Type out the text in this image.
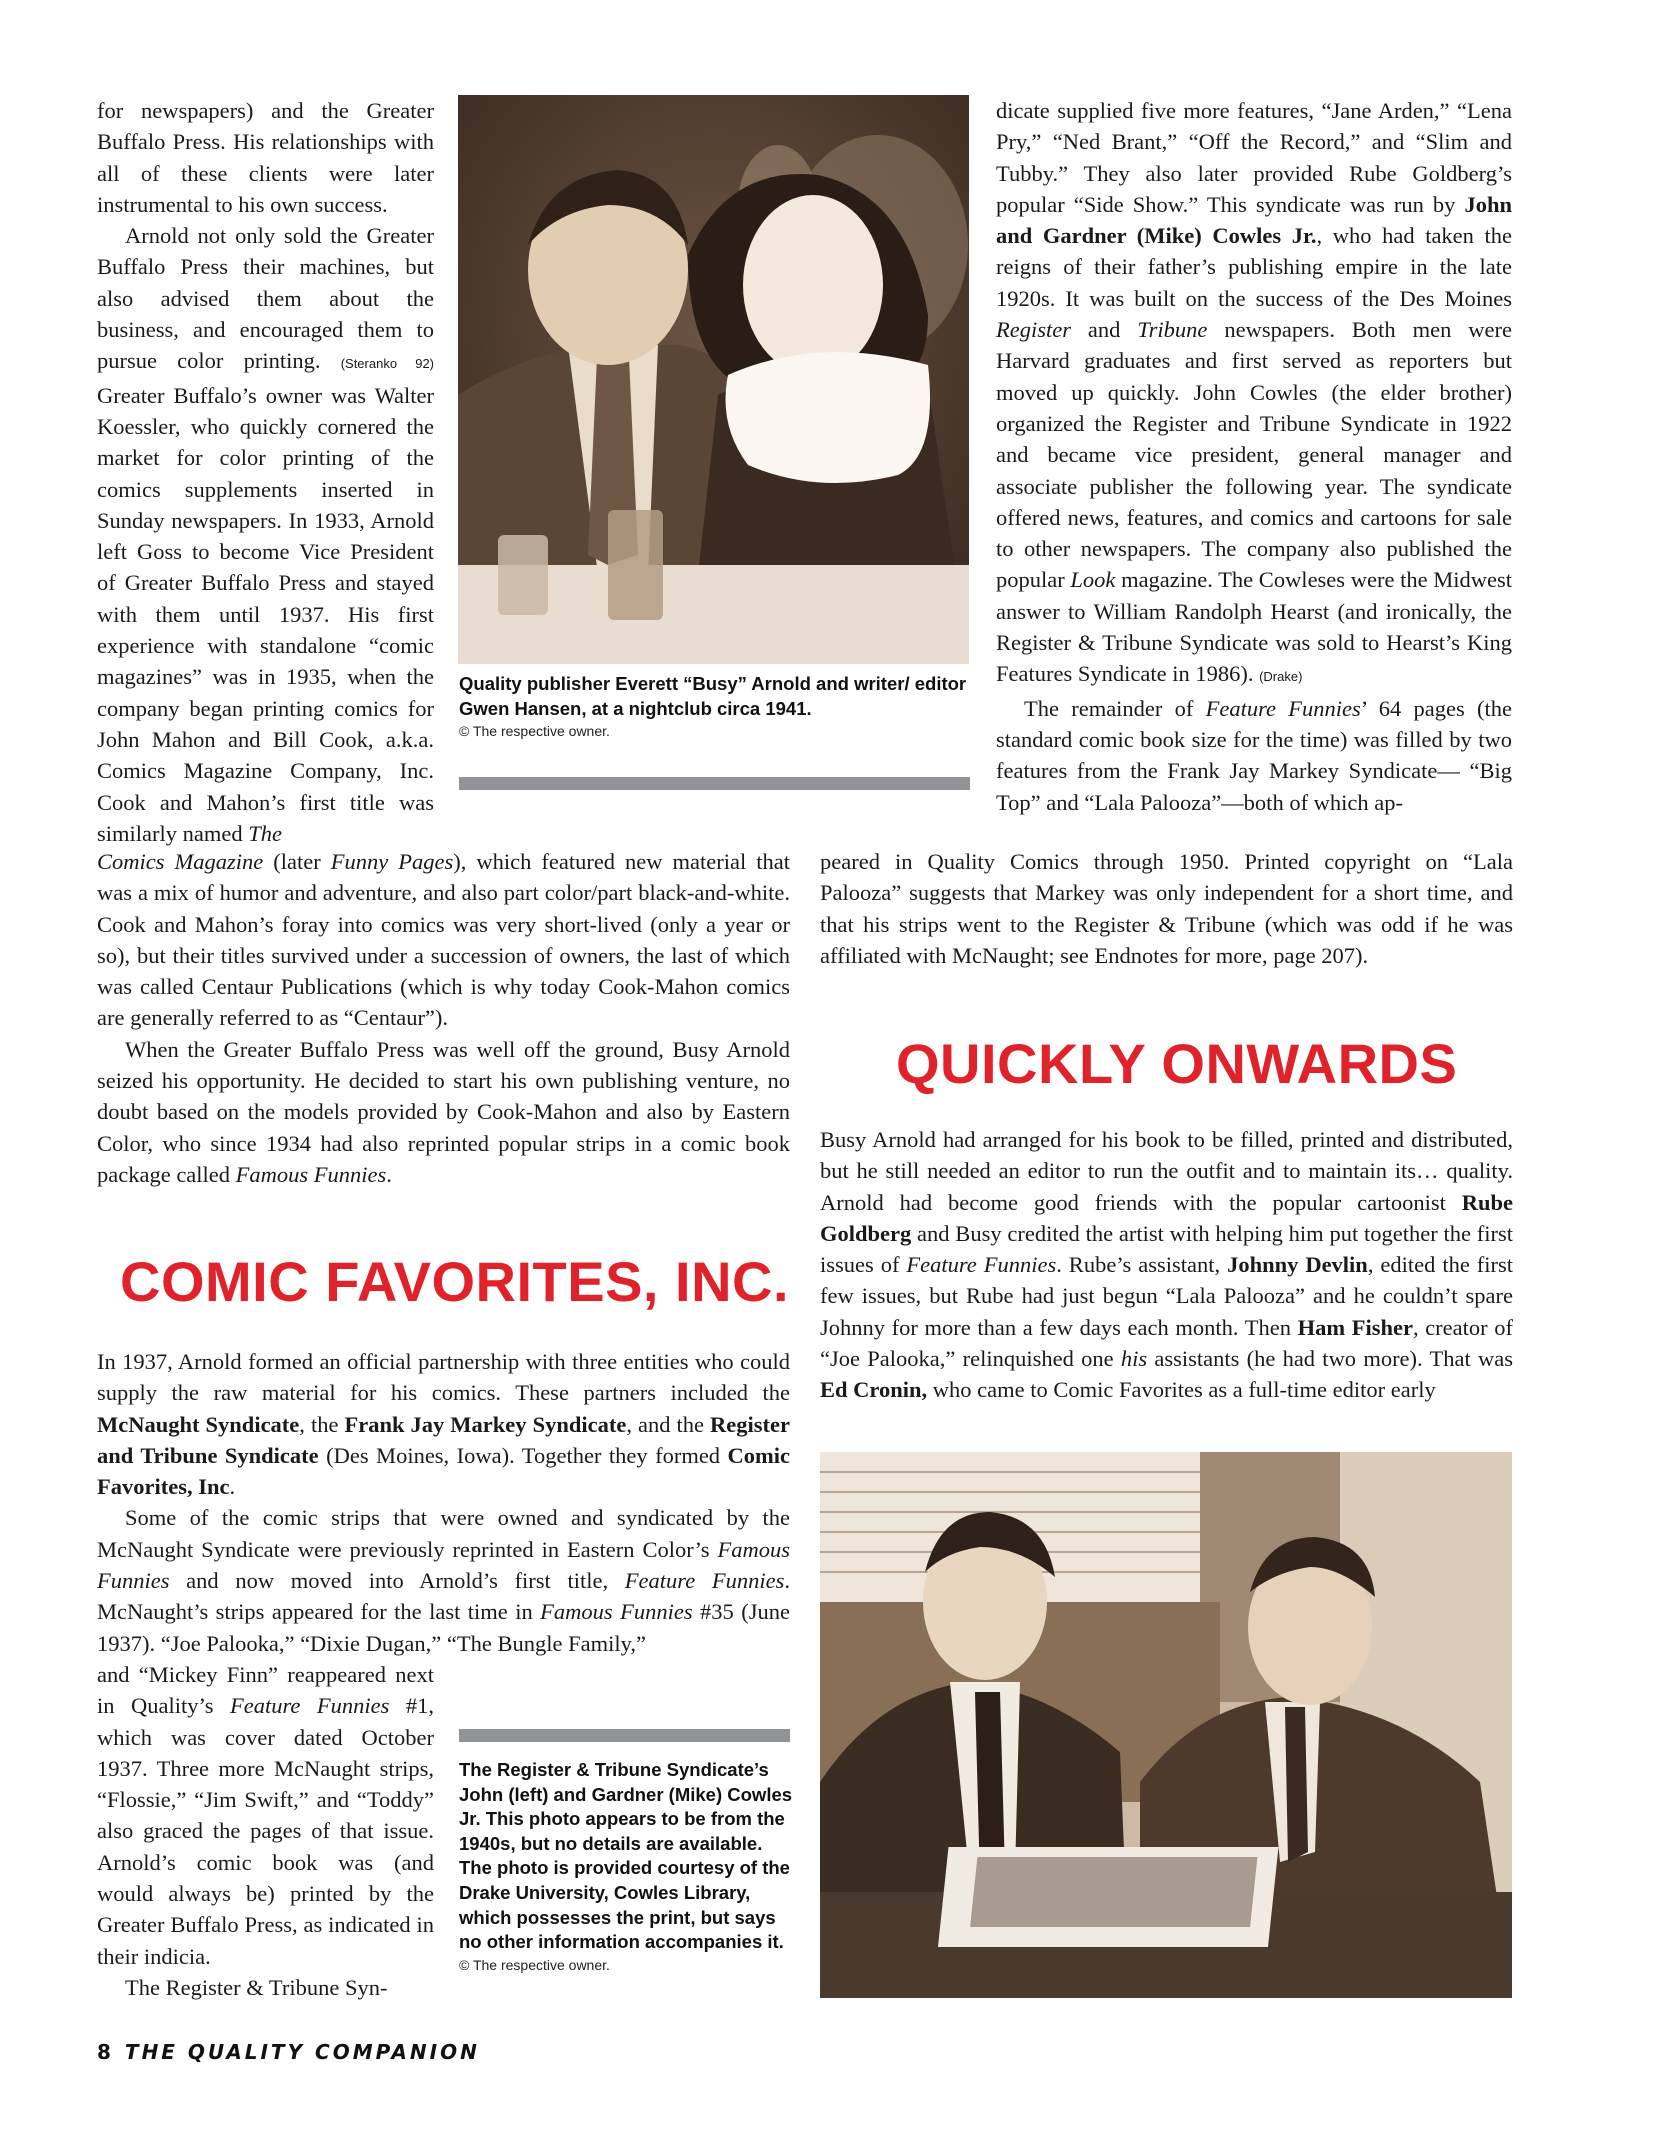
for newspapers) and the Greater Buffalo Press. His relationships with all of these clients were later instrumental to his own success.

Arnold not only sold the Greater Buffalo Press their machines, but also advised them about the business, and encouraged them to pursue color printing. (Steranko 92) Greater Buffalo’s owner was Walter Koessler, who quickly cornered the market for color printing of the comics supplements inserted in Sunday newspapers. In 1933, Arnold left Goss to become Vice President of Greater Buffalo Press and stayed with them until 1937. His first experience with standalone “comic magazines” was in 1935, when the company began printing comics for John Mahon and Bill Cook, a.k.a. Comics Magazine Company, Inc. Cook and Mahon’s first title was similarly named The

Comics Magazine (later Funny Pages), which featured new material that was a mix of humor and adventure, and also part color/part black-and-white. Cook and Mahon’s foray into comics was very short-lived (only a year or so), but their titles survived under a succession of owners, the last of which was called Centaur Publications (which is why today Cook-Mahon comics are generally referred to as “Centaur”).

When the Greater Buffalo Press was well off the ground, Busy Arnold seized his opportunity. He decided to start his own publishing venture, no doubt based on the models provided by Cook-Mahon and also by Eastern Color, who since 1934 had also reprinted popular strips in a comic book package called Famous Funnies.

Quality publisher Everett “Busy” Arnold and writer/ editor Gwen Hansen, at a nightclub circa 1941.
© The respective owner.
COMIC FAVORITES, INC.

In 1937, Arnold formed an official partnership with three entities who could supply the raw material for his comics. These partners included the McNaught Syndicate, the Frank Jay Markey Syndicate, and the Register and Tribune Syndicate (Des Moines, Iowa). Together they formed Comic Favorites, Inc.

Some of the comic strips that were owned and syndicated by the McNaught Syndicate were previously reprinted in Eastern Color’s Famous Funnies and now moved into Arnold’s first title, Feature Funnies. McNaught’s strips appeared for the last time in Famous Funnies #35 (June 1937). “Joe Palooka,” “Dixie Dugan,” “The Bungle Family,”

and “Mickey Finn” reappeared next in Quality’s Feature Funnies #1, which was cover dated October 1937. Three more McNaught strips, “Flossie,” “Jim Swift,” and “Toddy” also graced the pages of that issue. Arnold’s comic book was (and would always be) printed by the Greater Buffalo Press, as indicated in their indicia.

The Register & Tribune Syn-

The Register & Tribune Syndicate’s John (left) and Gardner (Mike) Cowles Jr. This photo appears to be from the 1940s, but no details are available. The photo is provided courtesy of the Drake University, Cowles Library, which possesses the print, but says no other information accompanies it.
© The respective owner.

dicate supplied five more features, “Jane Arden,” “Lena Pry,” “Ned Brant,” “Off the Record,” and “Slim and Tubby.” They also later provided Rube Goldberg’s popular “Side Show.” This syndicate was run by John and Gardner (Mike) Cowles Jr., who had taken the reigns of their father’s publishing empire in the late 1920s. It was built on the success of the Des Moines Register and Tribune newspapers. Both men were Harvard graduates and first served as reporters but moved up quickly. John Cowles (the elder brother) organized the Register and Tribune Syndicate in 1922 and became vice president, general manager and associate publisher the following year. The syndicate offered news, features, and comics and cartoons for sale to other newspapers. The company also published the popular Look magazine. The Cowleses were the Midwest answer to William Randolph Hearst (and ironically, the Register & Tribune Syndicate was sold to Hearst’s King Features Syndicate in 1986). (Drake)

The remainder of Feature Funnies’ 64 pages (the standard comic book size for the time) was filled by two features from the Frank Jay Markey Syndicate— “Big Top” and “Lala Palooza”—both of which ap-

peared in Quality Comics through 1950. Printed copyright on “Lala Palooza” suggests that Markey was only independent for a short time, and that his strips went to the Register & Tribune (which was odd if he was affiliated with McNaught; see Endnotes for more, page 207).

QUICKLY ONWARDS

Busy Arnold had arranged for his book to be filled, printed and distributed, but he still needed an editor to run the outfit and to maintain its… quality. Arnold had become good friends with the popular cartoonist Rube Goldberg and Busy credited the artist with helping him put together the first issues of Feature Funnies. Rube’s assistant, Johnny Devlin, edited the first few issues, but Rube had just begun “Lala Palooza” and he couldn’t spare Johnny for more than a few days each month. Then Ham Fisher, creator of “Joe Palooka,” relinquished one his assistants (he had two more). That was Ed Cronin, who came to Comic Favorites as a full-time editor early

8 THE QUALITY COMPANION
